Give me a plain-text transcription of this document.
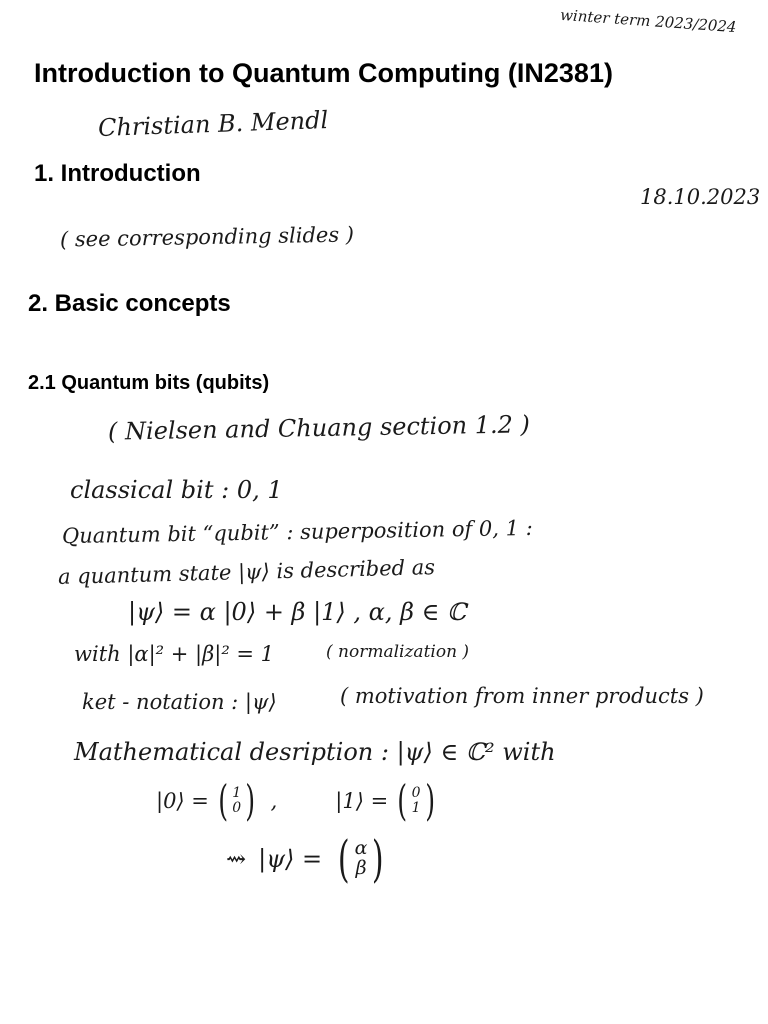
winter term 2023/2024
Introduction to Quantum Computing (IN2381)
Christian B. Mendl
1. Introduction
18.10.2023
( see corresponding slides )
2. Basic concepts
2.1 Quantum bits (qubits)
( Nielsen and Chuang section 1.2 )
classical bit : 0, 1
Quantum bit “qubit” : superposition of 0, 1 :
a quantum state |ψ⟩ is described as
|ψ⟩ = α |0⟩ + β |1⟩ , α, β ∈ ℂ
with |α|² + |β|² = 1	( normalization )
ket - notation : |ψ⟩	( motivation from inner products )
Mathematical desription : |ψ⟩ ∈ ℂ² with
|0⟩ = ( 1
0 ) ,	|1⟩ = ( 0
1 )
⇝ |ψ⟩ = ( α
β )
